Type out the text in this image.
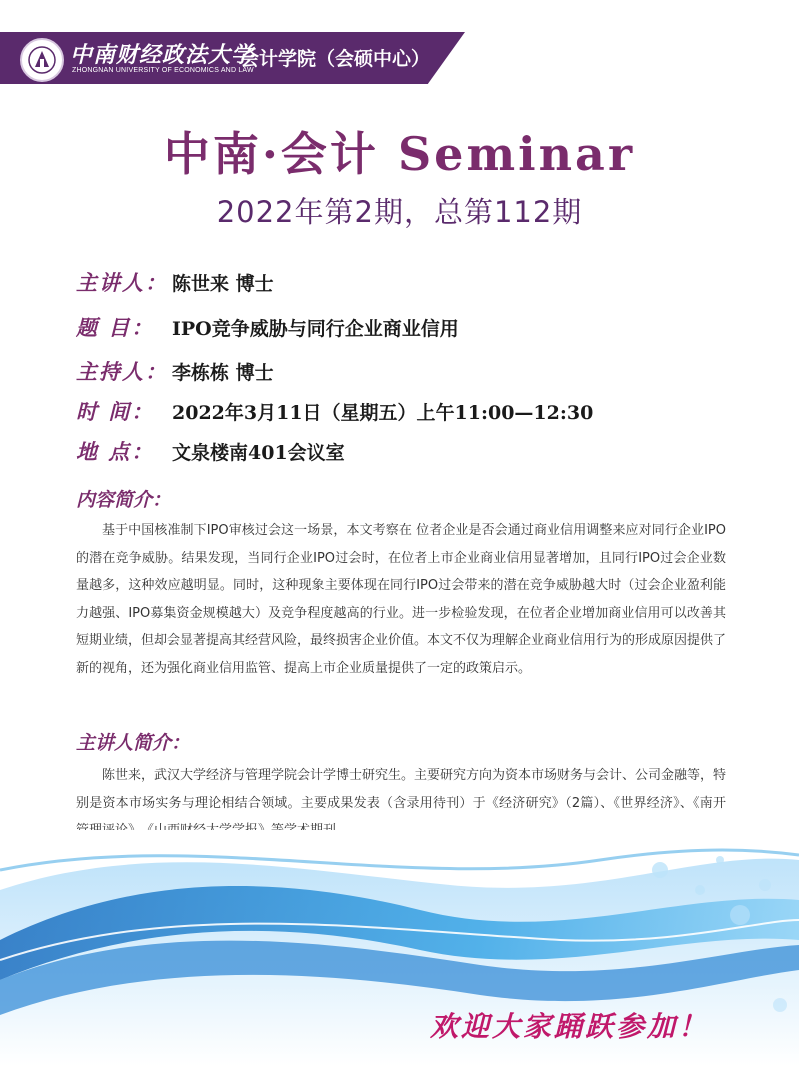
中南财经政法大学
ZHONGNAN UNIVERSITY OF ECONOMICS AND LAW
会计学院（会硕中心）
中南·会计 Seminar
2022年第2期，总第112期
主讲人： 陈世来 博士
题 目： IPO竞争威胁与同行企业商业信用
主持人： 李栋栋 博士
时 间： 2022年3月11日（星期五）上午11:00—12:30
地 点： 文泉楼南401会议室
内容简介：
基于中国核准制下IPO审核过会这一场景，本文考察在 位者企业是否会通过商业信用调整来应对同行企业IPO的潜在竞争威胁。结果发现，当同行企业IPO过会时，在位者上市企业商业信用显著增加，且同行IPO过会企业数量越多，这种效应越明显。同时，这种现象主要体现在同行IPO过会带来的潜在竞争威胁越大时（过会企业盈利能力越强、IPO募集资金规模越大）及竞争程度越高的行业。进一步检验发现，在位者企业增加商业信用可以改善其短期业绩，但却会显著提高其经营风险，最终损害企业价值。本文不仅为理解企业商业信用行为的形成原因提供了新的视角，还为强化商业信用监管、提高上市企业质量提供了一定的政策启示。
主讲人简介：
陈世来，武汉大学经济与管理学院会计学博士研究生。主要研究方向为资本市场财务与会计、公司金融等，特别是资本市场实务与理论相结合领域。主要成果发表（含录用待刊）于《经济研究》（2篇）、《世界经济》、《南开
欢迎大家踊跃参加！
